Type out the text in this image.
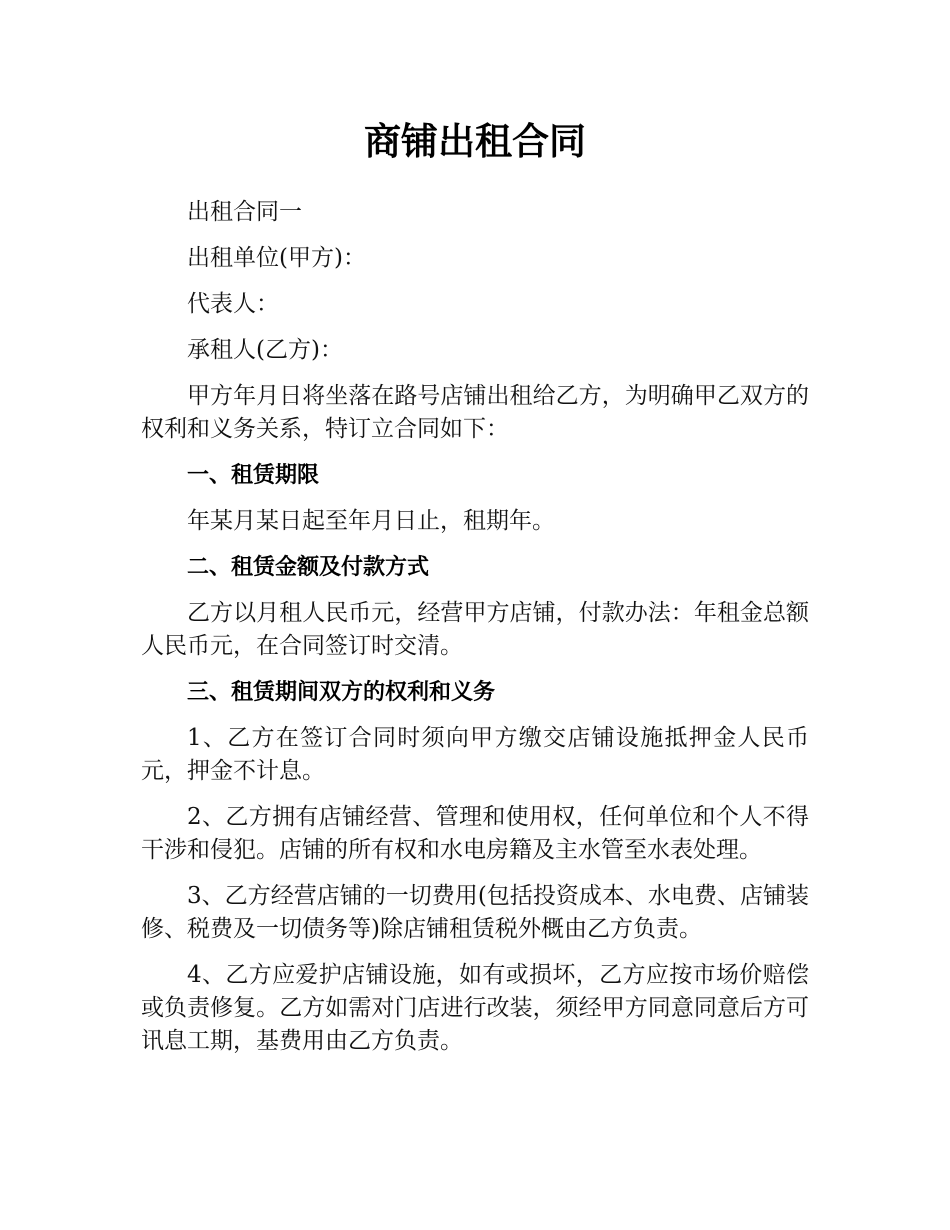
商铺出租合同

出租合同一

出租单位(甲方)：

代表人：

承租人(乙方)：

甲方年月日将坐落在路号店铺出租给乙方，为明确甲乙双方的权利和义务关系，特订立合同如下：

一、租赁期限

年某月某日起至年月日止，租期年。

二、租赁金额及付款方式

乙方以月租人民币元，经营甲方店铺，付款办法：年租金总额人民币元，在合同签订时交清。

三、租赁期间双方的权利和义务

1、乙方在签订合同时须向甲方缴交店铺设施抵押金人民币元，押金不计息。

2、乙方拥有店铺经营、管理和使用权，任何单位和个人不得干涉和侵犯。店铺的所有权和水电房籍及主水管至水表处理。

3、乙方经营店铺的一切费用(包括投资成本、水电费、店铺装修、税费及一切债务等)除店铺租赁税外概由乙方负责。

4、乙方应爱护店铺设施，如有或损坏，乙方应按市场价赔偿或负责修复。乙方如需对门店进行改装，须经甲方同意同意后方可讯息工期，基费用由乙方负责。
